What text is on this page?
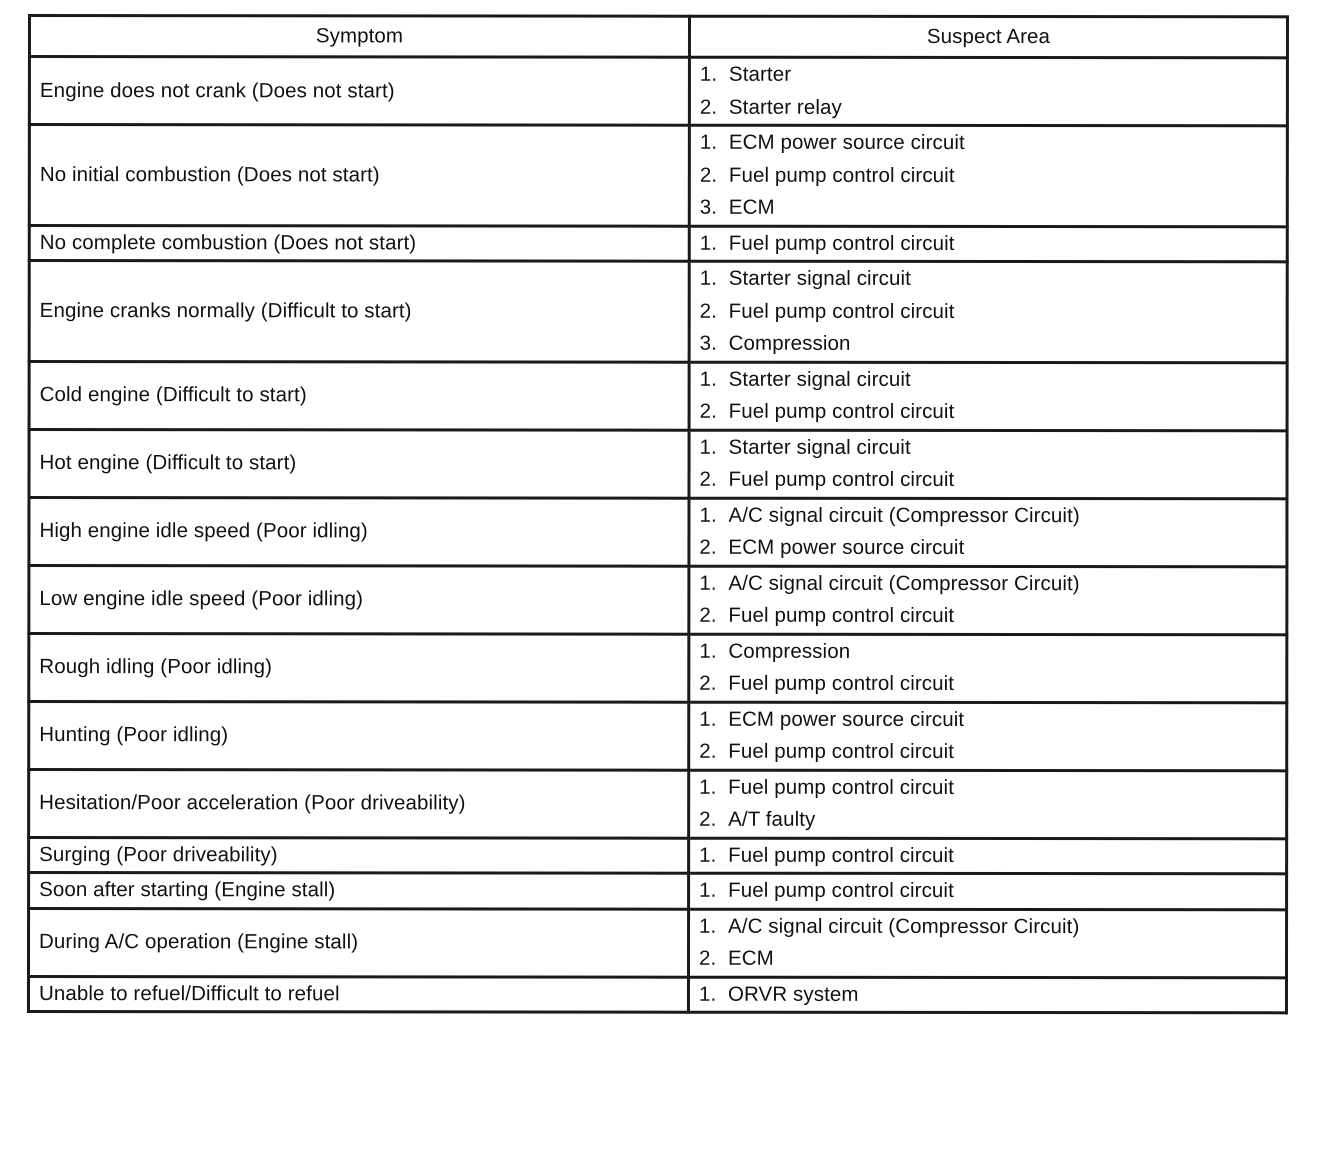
Symptom	Suspect Area
Engine does not crank (Does not start)	1. Starter
2. Starter relay

No initial combustion (Does not start)	1. ECM power source circuit
2. Fuel pump control circuit
3. ECM

No complete combustion (Does not start)	1. Fuel pump control circuit

Engine cranks normally (Difficult to start)	1. Starter signal circuit
2. Fuel pump control circuit
3. Compression

Cold engine (Difficult to start)	1. Starter signal circuit
2. Fuel pump control circuit

Hot engine (Difficult to start)	1. Starter signal circuit
2. Fuel pump control circuit

High engine idle speed (Poor idling)	1. A/C signal circuit (Compressor Circuit)
2. ECM power source circuit

Low engine idle speed (Poor idling)	1. A/C signal circuit (Compressor Circuit)
2. Fuel pump control circuit

Rough idling (Poor idling)	1. Compression
2. Fuel pump control circuit

Hunting (Poor idling)	1. ECM power source circuit
2. Fuel pump control circuit

Hesitation/Poor acceleration (Poor driveability)	1. Fuel pump control circuit
2. A/T faulty

Surging (Poor driveability)	1. Fuel pump control circuit

Soon after starting (Engine stall)	1. Fuel pump control circuit

During A/C operation (Engine stall)	1. A/C signal circuit (Compressor Circuit)
2. ECM

Unable to refuel/Difficult to refuel	1. ORVR system
